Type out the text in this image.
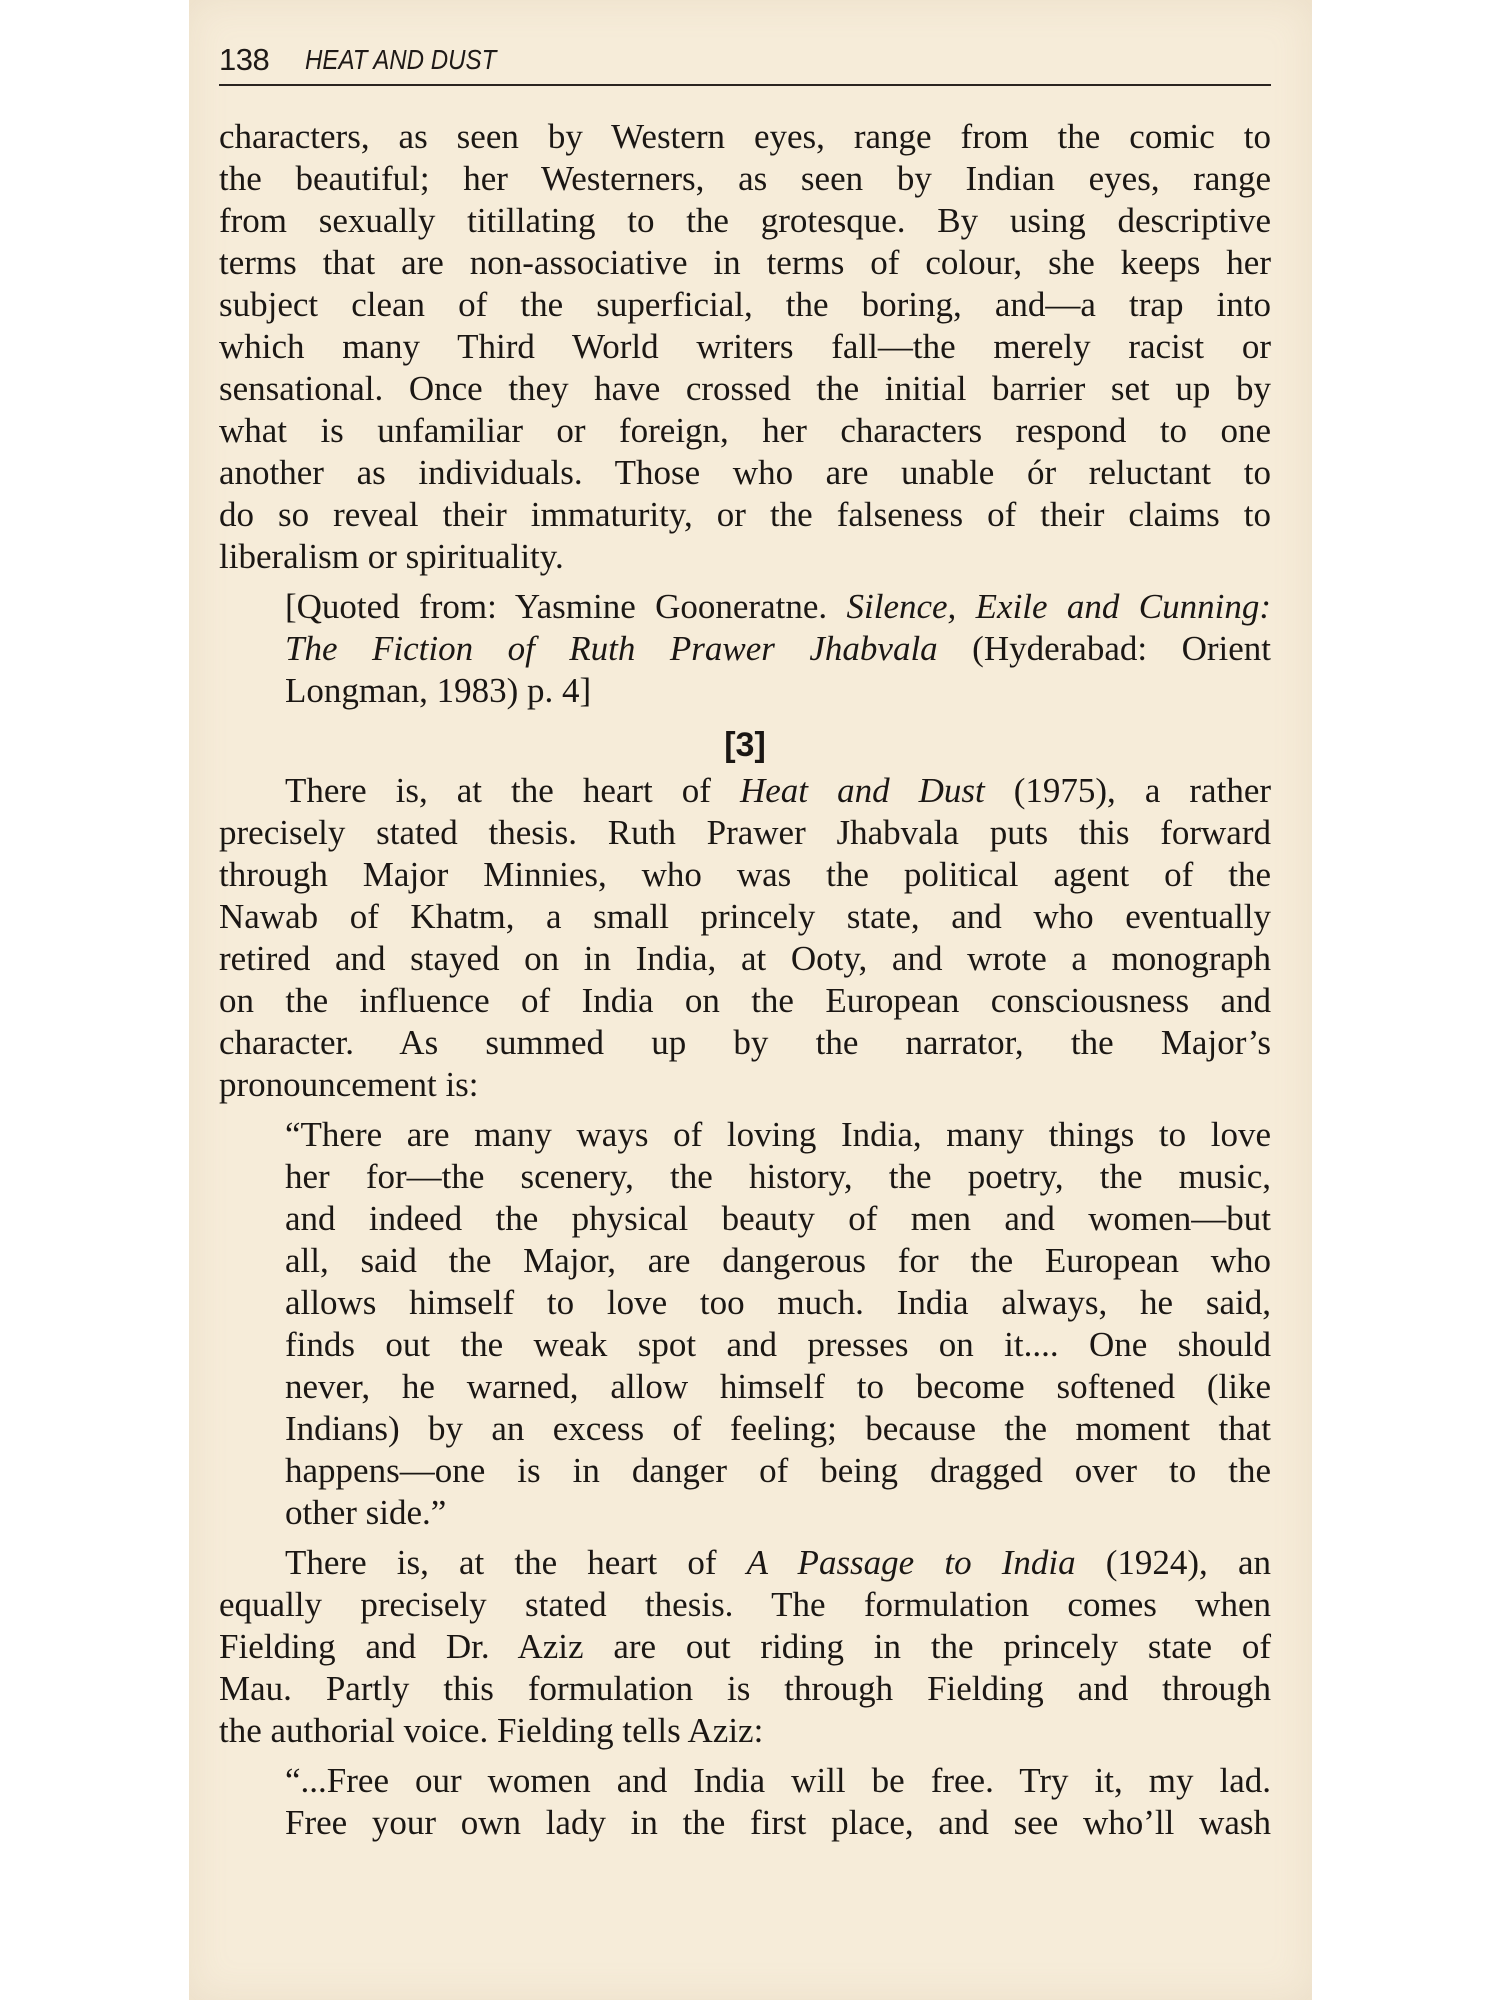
138 HEAT AND DUST
characters, as seen by Western eyes, range from the comic to
the beautiful; her Westerners, as seen by Indian eyes, range
from sexually titillating to the grotesque. By using descriptive
terms that are non-associative in terms of colour, she keeps her
subject clean of the superficial, the boring, and—a trap into
which many Third World writers fall—the merely racist or
sensational. Once they have crossed the initial barrier set up by
what is unfamiliar or foreign, her characters respond to one
another as individuals. Those who are unable ór reluctant to
do so reveal their immaturity, or the falseness of their claims to
liberalism or spirituality.
[Quoted from: Yasmine Gooneratne. Silence, Exile and Cunning:
The Fiction of Ruth Prawer Jhabvala (Hyderabad: Orient
Longman, 1983) p. 4]
[3]
There is, at the heart of Heat and Dust (1975), a rather
precisely stated thesis. Ruth Prawer Jhabvala puts this forward
through Major Minnies, who was the political agent of the
Nawab of Khatm, a small princely state, and who eventually
retired and stayed on in India, at Ooty, and wrote a monograph
on the influence of India on the European consciousness and
character. As summed up by the narrator, the Major’s
pronouncement is:
“There are many ways of loving India, many things to love
her for—the scenery, the history, the poetry, the music,
and indeed the physical beauty of men and women—but
all, said the Major, are dangerous for the European who
allows himself to love too much. India always, he said,
finds out the weak spot and presses on it.... One should
never, he warned, allow himself to become softened (like
Indians) by an excess of feeling; because the moment that
happens—one is in danger of being dragged over to the
other side.”
There is, at the heart of A Passage to India (1924), an
equally precisely stated thesis. The formulation comes when
Fielding and Dr. Aziz are out riding in the princely state of
Mau. Partly this formulation is through Fielding and through
the authorial voice. Fielding tells Aziz:
“...Free our women and India will be free. Try it, my lad.
Free your own lady in the first place, and see who’ll wash
